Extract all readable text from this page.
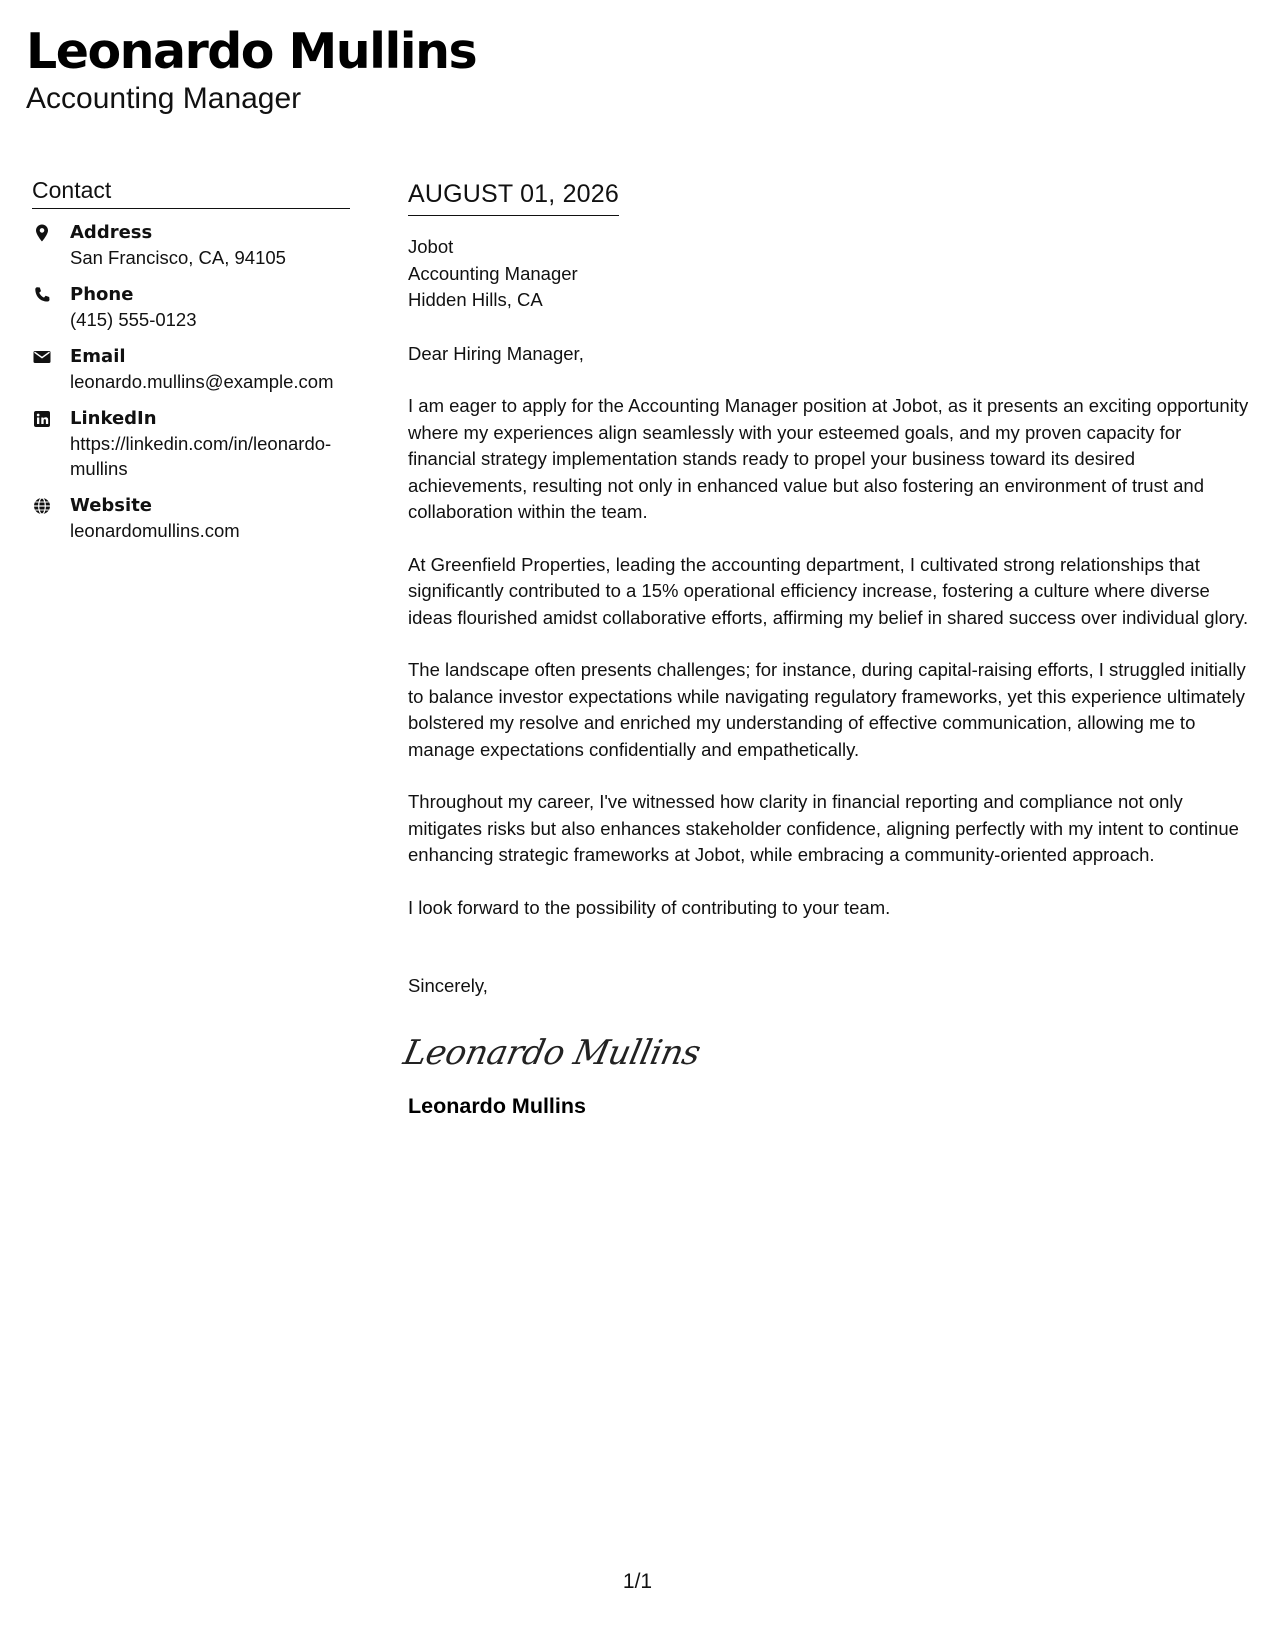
Leonardo Mullins
Accounting Manager
Contact
Address
San Francisco, CA, 94105
Phone
(415) 555-0123
Email
leonardo.mullins@example.com
LinkedIn
https://linkedin.com/in/leonardo-mullins
Website
leonardomullins.com
AUGUST 01, 2026
Jobot
Accounting Manager
Hidden Hills, CA
Dear Hiring Manager,
I am eager to apply for the Accounting Manager position at Jobot, as it presents an exciting opportunity where my experiences align seamlessly with your esteemed goals, and my proven capacity for financial strategy implementation stands ready to propel your business toward its desired achievements, resulting not only in enhanced value but also fostering an environment of trust and collaboration within the team.
At Greenfield Properties, leading the accounting department, I cultivated strong relationships that significantly contributed to a 15% operational efficiency increase, fostering a culture where diverse ideas flourished amidst collaborative efforts, affirming my belief in shared success over individual glory.
The landscape often presents challenges; for instance, during capital-raising efforts, I struggled initially to balance investor expectations while navigating regulatory frameworks, yet this experience ultimately bolstered my resolve and enriched my understanding of effective communication, allowing me to manage expectations confidentially and empathetically.
Throughout my career, I've witnessed how clarity in financial reporting and compliance not only mitigates risks but also enhances stakeholder confidence, aligning perfectly with my intent to continue enhancing strategic frameworks at Jobot, while embracing a community-oriented approach.
I look forward to the possibility of contributing to your team.
Sincerely,
Leonardo Mullins
Leonardo Mullins
1/1
